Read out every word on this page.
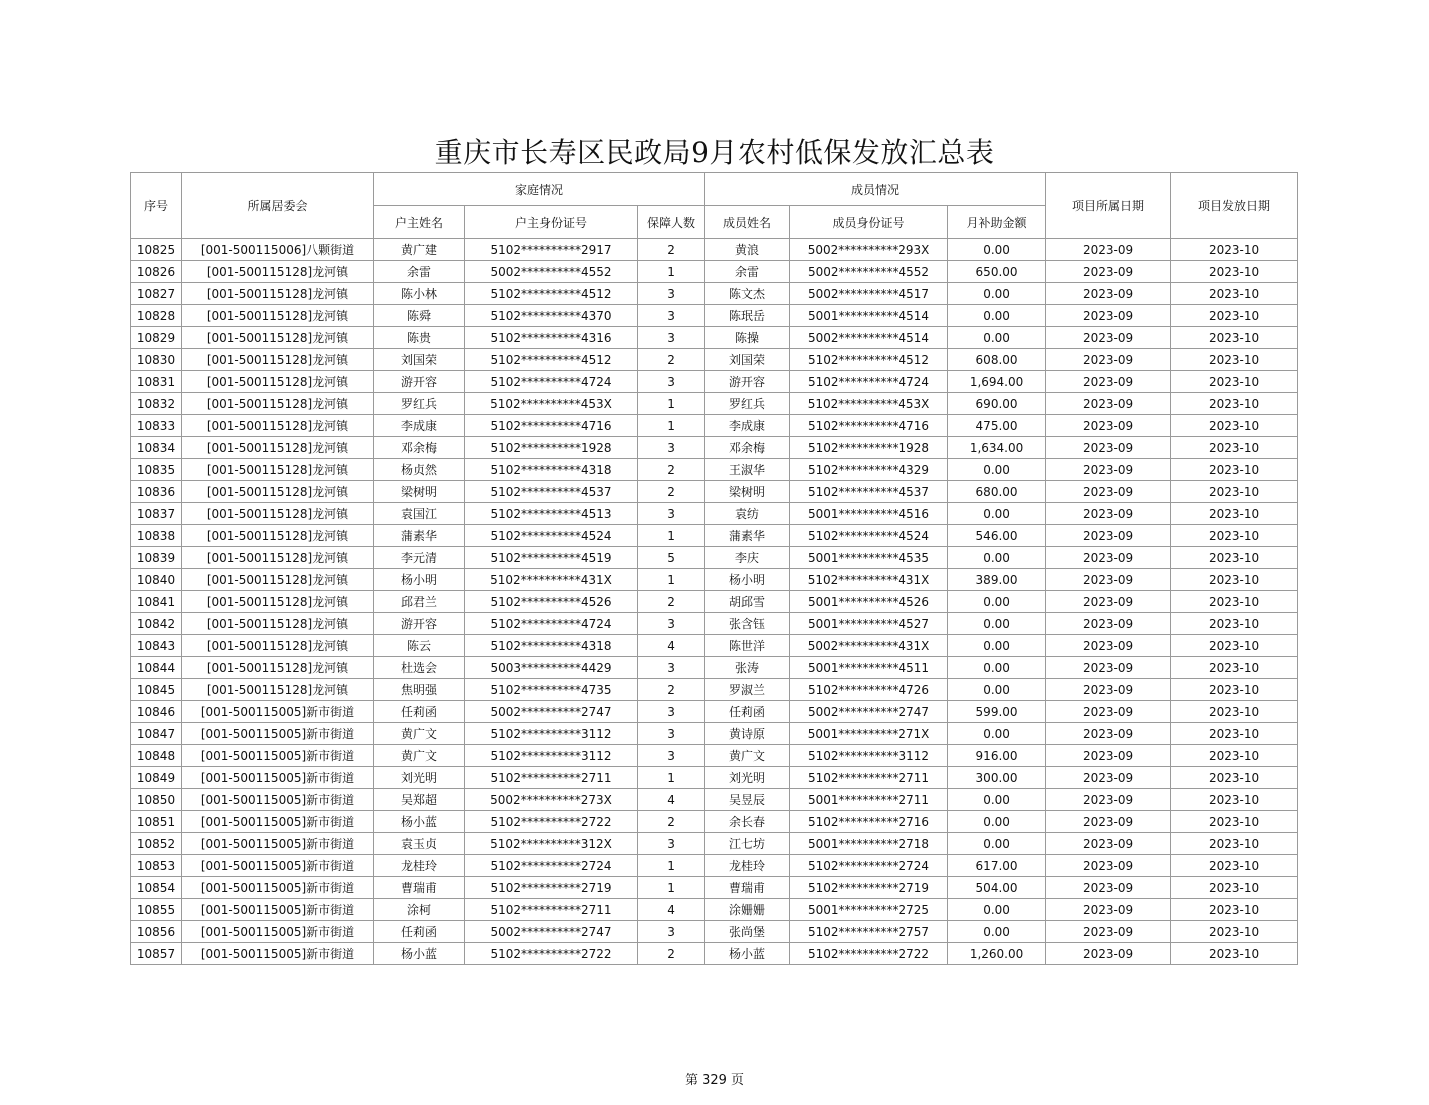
重庆市长寿区民政局9月农村低保发放汇总表
序号	所属居委会	家庭情况			成员情况			项目所属日期	项目发放日期
		户主姓名	户主身份证号	保障人数	成员姓名	成员身份证号	月补助金额		
10825	[001-500115006]八颗街道	黄广建	5102**********2917	2	黄浪	5002**********293X	0.00	2023-09	2023-10
10826	[001-500115128]龙河镇	余雷	5002**********4552	1	余雷	5002**********4552	650.00	2023-09	2023-10
10827	[001-500115128]龙河镇	陈小林	5102**********4512	3	陈文杰	5002**********4517	0.00	2023-09	2023-10
10828	[001-500115128]龙河镇	陈舜	5102**********4370	3	陈珉岳	5001**********4514	0.00	2023-09	2023-10
10829	[001-500115128]龙河镇	陈贵	5102**********4316	3	陈操	5002**********4514	0.00	2023-09	2023-10
10830	[001-500115128]龙河镇	刘国荣	5102**********4512	2	刘国荣	5102**********4512	608.00	2023-09	2023-10
10831	[001-500115128]龙河镇	游开容	5102**********4724	3	游开容	5102**********4724	1,694.00	2023-09	2023-10
10832	[001-500115128]龙河镇	罗红兵	5102**********453X	1	罗红兵	5102**********453X	690.00	2023-09	2023-10
10833	[001-500115128]龙河镇	李成康	5102**********4716	1	李成康	5102**********4716	475.00	2023-09	2023-10
10834	[001-500115128]龙河镇	邓余梅	5102**********1928	3	邓余梅	5102**********1928	1,634.00	2023-09	2023-10
10835	[001-500115128]龙河镇	杨贞然	5102**********4318	2	王淑华	5102**********4329	0.00	2023-09	2023-10
10836	[001-500115128]龙河镇	梁树明	5102**********4537	2	梁树明	5102**********4537	680.00	2023-09	2023-10
10837	[001-500115128]龙河镇	袁国江	5102**********4513	3	袁纺	5001**********4516	0.00	2023-09	2023-10
10838	[001-500115128]龙河镇	蒲素华	5102**********4524	1	蒲素华	5102**********4524	546.00	2023-09	2023-10
10839	[001-500115128]龙河镇	李元清	5102**********4519	5	李庆	5001**********4535	0.00	2023-09	2023-10
10840	[001-500115128]龙河镇	杨小明	5102**********431X	1	杨小明	5102**********431X	389.00	2023-09	2023-10
10841	[001-500115128]龙河镇	邱君兰	5102**********4526	2	胡邱雪	5001**********4526	0.00	2023-09	2023-10
10842	[001-500115128]龙河镇	游开容	5102**********4724	3	张含钰	5001**********4527	0.00	2023-09	2023-10
10843	[001-500115128]龙河镇	陈云	5102**********4318	4	陈世洋	5002**********431X	0.00	2023-09	2023-10
10844	[001-500115128]龙河镇	杜选会	5003**********4429	3	张涛	5001**********4511	0.00	2023-09	2023-10
10845	[001-500115128]龙河镇	焦明强	5102**********4735	2	罗淑兰	5102**********4726	0.00	2023-09	2023-10
10846	[001-500115005]新市街道	任莉函	5002**********2747	3	任莉函	5002**********2747	599.00	2023-09	2023-10
10847	[001-500115005]新市街道	黄广文	5102**********3112	3	黄诗原	5001**********271X	0.00	2023-09	2023-10
10848	[001-500115005]新市街道	黄广文	5102**********3112	3	黄广文	5102**********3112	916.00	2023-09	2023-10
10849	[001-500115005]新市街道	刘光明	5102**********2711	1	刘光明	5102**********2711	300.00	2023-09	2023-10
10850	[001-500115005]新市街道	吴郑超	5002**********273X	4	吴昱辰	5001**********2711	0.00	2023-09	2023-10
10851	[001-500115005]新市街道	杨小蓝	5102**********2722	2	余长春	5102**********2716	0.00	2023-09	2023-10
10852	[001-500115005]新市街道	袁玉贞	5102**********312X	3	江七坊	5001**********2718	0.00	2023-09	2023-10
10853	[001-500115005]新市街道	龙桂玲	5102**********2724	1	龙桂玲	5102**********2724	617.00	2023-09	2023-10
10854	[001-500115005]新市街道	曹瑞甫	5102**********2719	1	曹瑞甫	5102**********2719	504.00	2023-09	2023-10
10855	[001-500115005]新市街道	涂柯	5102**********2711	4	涂姗姗	5001**********2725	0.00	2023-09	2023-10
10856	[001-500115005]新市街道	任莉函	5002**********2747	3	张尚堡	5102**********2757	0.00	2023-09	2023-10
10857	[001-500115005]新市街道	杨小蓝	5102**********2722	2	杨小蓝	5102**********2722	1,260.00	2023-09	2023-10
第 329 页
